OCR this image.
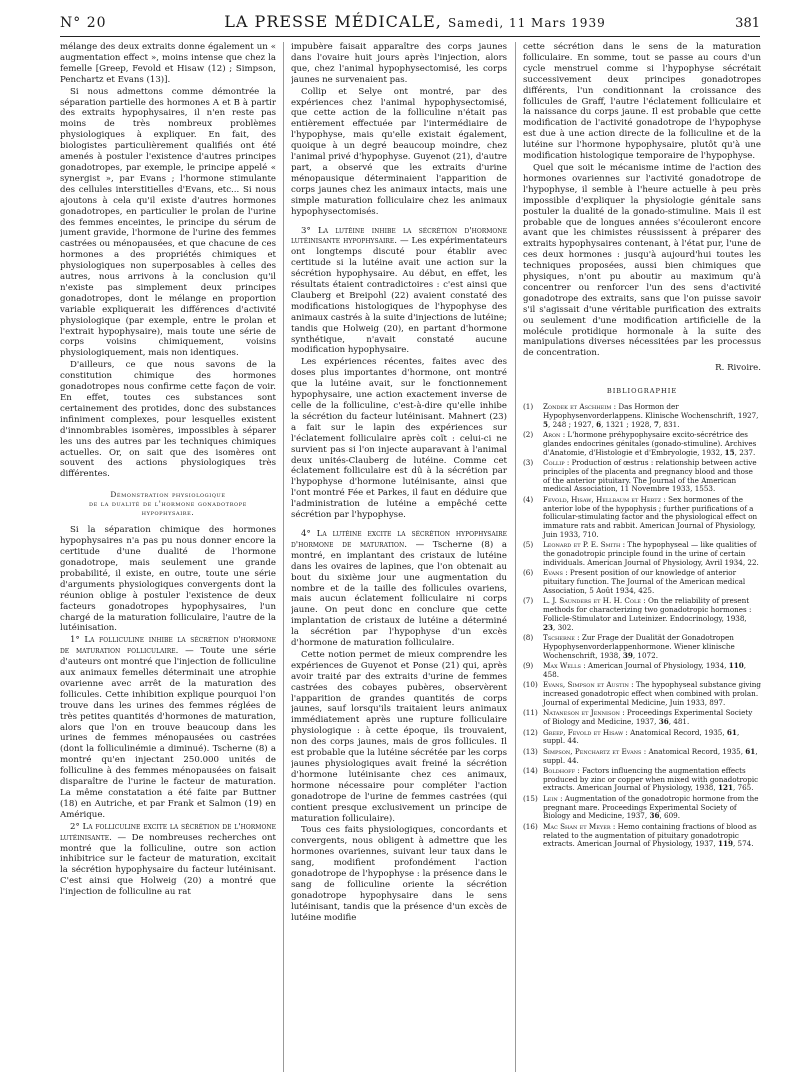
N° 20	LA PRESSE MÉDICALE, Samedi, 11 Mars 1939	381

mélange des deux extraits donne également un « augmentation effect », moins intense que chez la femelle [Greep, Fevold et Hisaw (12) ; Simpson, Penchartz et Evans (13)].

Si nous admettons comme démontrée la séparation partielle des hormones A et B à partir des extraits hypophysaires, il n'en reste pas moins de très nombreux problèmes physiologiques à expliquer. En fait, des biologistes particulièrement qualifiés ont été amenés à postuler l'existence d'autres principes gonadotropes, par exemple, le principe appelé « synergist », par Evans ; l'hormone stimulante des cellules interstitielles d'Evans, etc... Si nous ajoutons à cela qu'il existe d'autres hormones gonadotropes, en particulier le prolan de l'urine des femmes enceintes, le principe du sérum de jument gravide, l'hormone de l'urine des femmes castrées ou ménopausées, et que chacune de ces hormones a des propriétés chimiques et physiologiques non superposables à celles des autres, nous arrivons à la conclusion qu'il n'existe pas simplement deux principes gonadotropes, dont le mélange en proportion variable expliquerait les différences d'activité physiologique (par exemple, entre le prolan et l'extrait hypophysaire), mais toute une série de corps voisins chimiquement, voisins physiologiquement, mais non identiques.

D'ailleurs, ce que nous savons de la constitution chimique des hormones gonadotropes nous confirme cette façon de voir. En effet, toutes ces substances sont certainement des protides, donc des substances infiniment complexes, pour lesquelles existent d'innombrables isomères, impossibles à séparer les uns des autres par les techniques chimiques actuelles. Or, on sait que des isomères ont souvent des actions physiologiques très différentes.

Démonstration physiologique
de la dualité de l'hormone gonadotrope
hypophysaire.

Si la séparation chimique des hormones hypophysaires n'a pas pu nous donner encore la certitude d'une dualité de l'hormone gonadotrope, mais seulement une grande probabilité, il existe, en outre, toute une série d'arguments physiologiques convergents dont la réunion oblige à postuler l'existence de deux facteurs gonadotropes hypophysaires, l'un chargé de la maturation folliculaire, l'autre de la lutéinisation.

1° La folliculine inhibe la sécrétion d'hormone de maturation folliculaire. — Toute une série d'auteurs ont montré que l'injection de folliculine aux animaux femelles déterminait une atrophie ovarienne avec arrêt de la maturation des follicules. Cette inhibition explique pourquoi l'on trouve dans les urines des femmes réglées de très petites quantités d'hormones de maturation, alors que l'on en trouve beaucoup dans les urines de femmes ménopausées ou castrées (dont la folliculinémie a diminué). Tscherne (8) a montré qu'en injectant 250.000 unités de folliculine à des femmes ménopausées on faisait disparaître de l'urine le facteur de maturation. La même constatation a été faite par Buttner (18) en Autriche, et par Frank et Salmon (19) en Amérique.

2° La folliculine excite la sécrétion de l'hormone lutéinisante. — De nombreuses recherches ont montré que la folliculine, outre son action inhibitrice sur le facteur de maturation, excitait la sécrétion hypophysaire du facteur lutéinisant. C'est ainsi que Holweig (20) a montré que l'injection de folliculine au rat

impubère faisait apparaître des corps jaunes dans l'ovaire huit jours après l'injection, alors que, chez l'animal hypophysectomisé, les corps jaunes ne survenaient pas.

Collip et Selye ont montré, par des expériences chez l'animal hypophysectomisé, que cette action de la folliculine n'était pas entièrement effectuée par l'intermédiaire de l'hypophyse, mais qu'elle existait également, quoique à un degré beaucoup moindre, chez l'animal privé d'hypophyse. Guyenot (21), d'autre part, a observé que les extraits d'urine ménopausique déterminaient l'apparition de corps jaunes chez les animaux intacts, mais une simple maturation folliculaire chez les animaux hypophysectomisés.

3° La lutéine inhibe la sécrétion d'hormone lutéinisante hypophysaire. — Les expérimentateurs ont longtemps discuté pour établir avec certitude si la lutéine avait une action sur la sécrétion hypophysaire. Au début, en effet, les résultats étaient contradictoires : c'est ainsi que Clauberg et Breipohl (22) avaient constaté des modifications histologiques de l'hypophyse des animaux castrés à la suite d'injections de lutéine; tandis que Holweig (20), en partant d'hormone synthétique, n'avait constaté aucune modification hypophysaire.

Les expériences récentes, faites avec des doses plus importantes d'hormone, ont montré que la lutéine avait, sur le fonctionnement hypophysaire, une action exactement inverse de celle de la folliculine, c'est-à-dire qu'elle inhibe la sécrétion du facteur lutéinisant. Mahnert (23) a fait sur le lapin des expériences sur l'éclatement folliculaire après coït : celui-ci ne survient pas si l'on injecte auparavant à l'animal deux unités-Clauberg de lutéine. Comme cet éclatement folliculaire est dû à la sécrétion par l'hypophyse d'hormone lutéinisante, ainsi que l'ont montré Fée et Parkes, il faut en déduire que l'administration de lutéine a empêché cette sécrétion par l'hypophyse.

4° La lutéine excite la sécrétion hypophysaire d'hormone de maturation. — Tscherne (8) a montré, en implantant des cristaux de lutéine dans les ovaires de lapines, que l'on obtenait au bout du sixième jour une augmentation du nombre et de la taille des follicules ovariens, mais aucun éclatement folliculaire ni corps jaune. On peut donc en conclure que cette implantation de cristaux de lutéine a déterminé la sécrétion par l'hypophyse d'un excès d'hormone de maturation folliculaire.

Cette notion permet de mieux comprendre les expériences de Guyenot et Ponse (21) qui, après avoir traité par des extraits d'urine de femmes castrées des cobayes pubères, observèrent l'apparition de grandes quantités de corps jaunes, sauf lorsqu'ils traitaient leurs animaux immédiatement après une rupture folliculaire physiologique : à cette époque, ils trouvaient, non des corps jaunes, mais de gros follicules. Il est probable que la lutéine sécrétée par les corps jaunes physiologiques avait freiné la sécrétion d'hormone lutéinisante chez ces animaux, hormone nécessaire pour compléter l'action gonadotrope de l'urine de femmes castrées (qui contient presque exclusivement un principe de maturation folliculaire).

Tous ces faits physiologiques, concordants et convergents, nous obligent à admettre que les hormones ovariennes, suivant leur taux dans le sang, modifient profondément l'action gonadotrope de l'hypophyse : la présence dans le sang de folliculine oriente la sécrétion gonadotrope hypophysaire dans le sens lutéinisant, tandis que la présence d'un excès de lutéine modifie

cette sécrétion dans le sens de la maturation folliculaire. En somme, tout se passe au cours d'un cycle menstruel comme si l'hypophyse sécrétait successivement deux principes gonadotropes différents, l'un conditionnant la croissance des follicules de Graff, l'autre l'éclatement folliculaire et la naissance du corps jaune. Il est probable que cette modification de l'activité gonadotrope de l'hypophyse est due à une action directe de la folliculine et de la lutéine sur l'hormone hypophysaire, plutôt qu'à une modification histologique temporaire de l'hypophyse.

Quel que soit le mécanisme intime de l'action des hormones ovariennes sur l'activité gonadotrope de l'hypophyse, il semble à l'heure actuelle à peu près impossible d'expliquer la physiologie génitale sans postuler la dualité de la gonado-stimuline. Mais il est probable que de longues années s'écouleront encore avant que les chimistes réussissent à préparer des extraits hypophysaires contenant, à l'état pur, l'une de ces deux hormones : jusqu'à aujourd'hui toutes les techniques proposées, aussi bien chimiques que physiques, n'ont pu aboutir au maximum qu'à concentrer ou renforcer l'un des sens d'activité gonadotrope des extraits, sans que l'on puisse savoir s'il s'agissait d'une véritable purification des extraits ou seulement d'une modification artificielle de la molécule protidique hormonale à la suite des manipulations diverses nécessitées par les processus de concentration.

R. Rivoire.
BIBLIOGRAPHIE
(1)	Zondek et Aschheim : Das Hormon der Hypophysenvorderlappens. Klinische Wochenschrift, 1927, 5, 248 ; 1927, 6, 1321 ; 1928, 7, 831.
(2)	Aron : L'hormone préhypophysaire excito-sécrétrice des glandes endocrines génitales (gonado-stimuline). Archives d'Anatomie, d'Histologie et d'Embryologie, 1932, 15, 237.
(3)	Collip : Production of œstrus : relationship between active principles of the placenta and pregnancy blood and those of the anterior pituitary. The Journal of the American medical Association, 11 Novembre 1933, 1553.
(4)	Fevold, Hisaw, Hellbaum et Hertz : Sex hormones of the anterior lobe of the hypophysis ; further purifications of a follicular-stimulating factor and the physiological effect on immature rats and rabbit. American Journal of Physiology, Juin 1933, 710.
(5)	Leonard et P. E. Smith : The hypophyseal — like qualities of the gonadotropic principle found in the urine of certain individuals. American Journal of Physiology, Avril 1934, 22.
(6)	Evans : Present position of our knowledge of anterior pituitary function. The Journal of the American medical Association, 5 Août 1934, 425.
(7)	L. J. Saunders et H. H. Cole : On the reliability of present methods for characterizing two gonadotropic hormones : Follicle-Stimulator and Luteinizer. Endocrinology, 1938, 23, 302.
(8)	Tscherne : Zur Frage der Dualität der Gonadotropen Hypophysenvorderlappenhormone. Wiener klinische Wochenschrift, 1938, 39, 1072.
(9)	Max Wells : American Journal of Physiology, 1934, 110, 458.
(10) Evans, Simpson et Austin : The hypophyseal substance giving increased gonadotropic effect when combined with prolan. Journal of experimental Medicine, Juin 1933, 897.
(11) Nataneson et Jennison : Proceedings Experimental Society of Biology and Medicine, 1937, 36, 481.
(12) Greep, Fevold et Hisaw : Anatomical Record, 1935, 61, suppl. 44.
(13) Simpson, Penchartz et Evans : Anatomical Record, 1935, 61, suppl. 44.
(14) Boldhoff : Factors influencing the augmentation effects produced by zinc or copper when mixed with gonadotropic extracts. American Journal of Physiology, 1938, 121, 765.
(15) Lein : Augmentation of the gonadotropic hormone from the pregnant mare. Proceedings Experimental Society of Biology and Medicine, 1937, 36, 609.
(16) Mac Shan et Meyer : Hemo containing fractions of blood as related to the augmentation of pituitary gonadotropic extracts. American Journal of Physiology, 1937, 119, 574.
